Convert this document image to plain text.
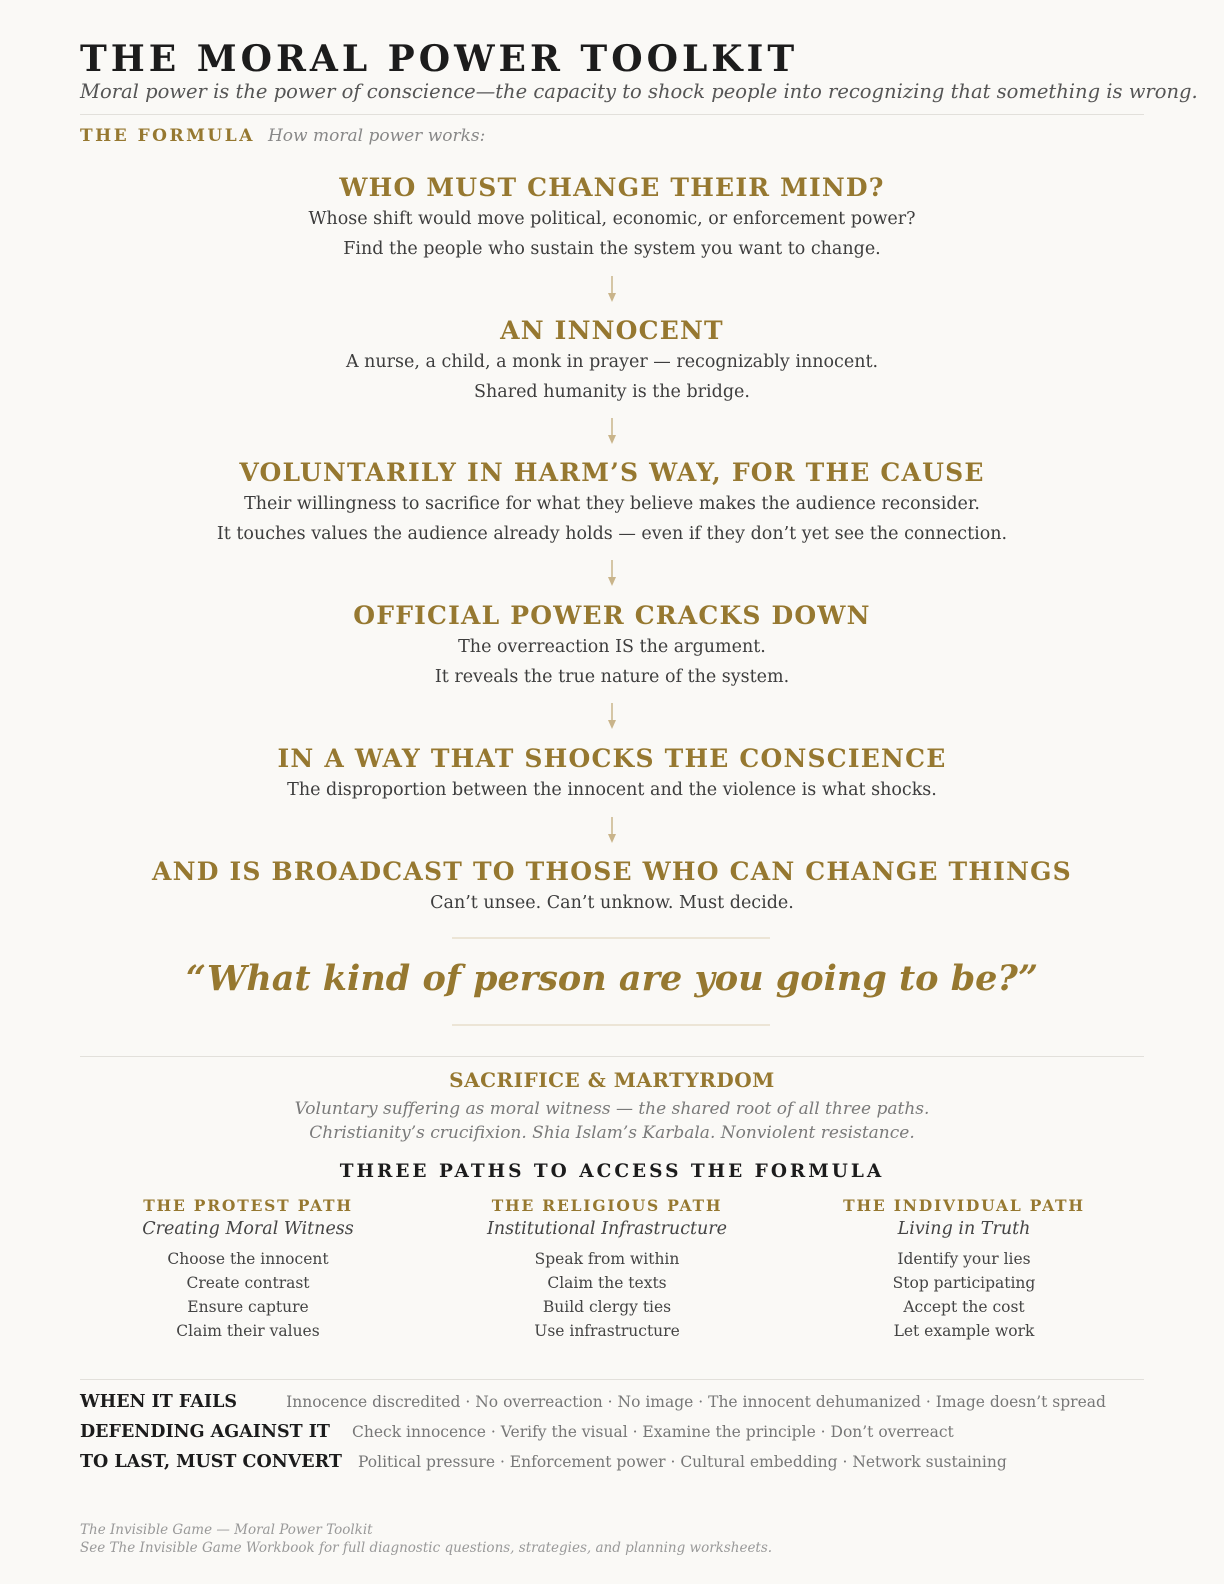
THE MORAL POWER TOOLKIT
Moral power is the power of conscience—the capacity to shock people into recognizing that something is wrong.
THE FORMULA How moral power works:
WHO MUST CHANGE THEIR MIND?
Whose shift would move political, economic, or enforcement power?
Find the people who sustain the system you want to change.
AN INNOCENT
A nurse, a child, a monk in prayer — recognizably innocent.
Shared humanity is the bridge.
VOLUNTARILY IN HARM’S WAY, FOR THE CAUSE
Their willingness to sacrifice for what they believe makes the audience reconsider.
It touches values the audience already holds — even if they don’t yet see the connection.
OFFICIAL POWER CRACKS DOWN
The overreaction IS the argument.
It reveals the true nature of the system.
IN A WAY THAT SHOCKS THE CONSCIENCE
The disproportion between the innocent and the violence is what shocks.
AND IS BROADCAST TO THOSE WHO CAN CHANGE THINGS
Can’t unsee. Can’t unknow. Must decide.
“What kind of person are you going to be?”
SACRIFICE & MARTYRDOM
Voluntary suffering as moral witness — the shared root of all three paths.
Christianity’s crucifixion. Shia Islam’s Karbala. Nonviolent resistance.
THREE PATHS TO ACCESS THE FORMULA
THE PROTEST PATH
Creating Moral Witness
Choose the innocent
Create contrast
Ensure capture
Claim their values
THE RELIGIOUS PATH
Institutional Infrastructure
Speak from within
Claim the texts
Build clergy ties
Use infrastructure
THE INDIVIDUAL PATH
Living in Truth
Identify your lies
Stop participating
Accept the cost
Let example work
WHEN IT FAILS	Innocence discredited · No overreaction · No image · The innocent dehumanized · Image doesn’t spread
DEFENDING AGAINST IT Check innocence · Verify the visual · Examine the principle · Don’t overreact
TO LAST, MUST CONVERT Political pressure · Enforcement power · Cultural embedding · Network sustaining
The Invisible Game — Moral Power Toolkit
See The Invisible Game Workbook for full diagnostic questions, strategies, and planning worksheets.
